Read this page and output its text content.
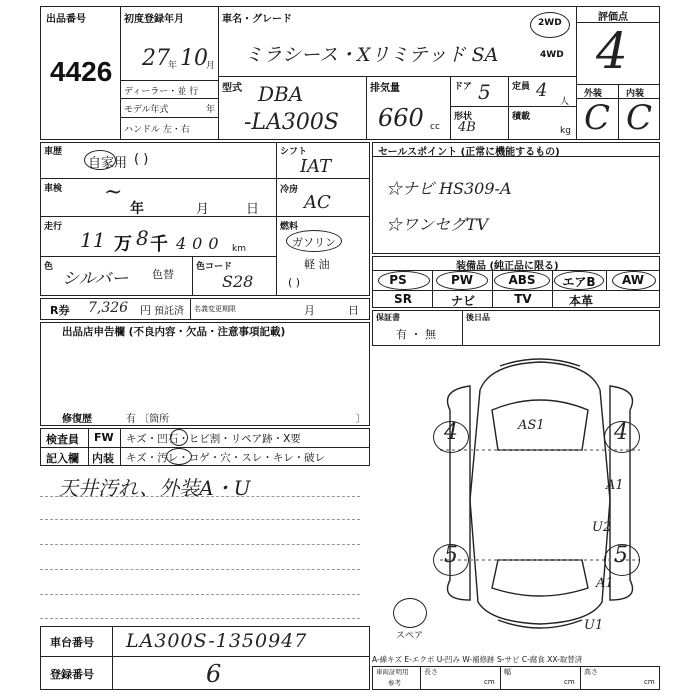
出品番号
4426
初度登録年月
27
年 10
月
ディーラー・並 行
モデル年式	年
ハンドル 左・右
車名・グレード
ミラシース・Xリミテッド SA
2WD
4WD
型式 DBA
-LA300S
排気量
660 cc
ドア 5
形状
4B
定員 4
人
積載
kg
評価点
4
外装	内装
C C
車歴
自家用 ( )
車検
年	月	日
~
走行
11 万 8 千 400 km
色
シルバー 色替
色コード
S28
シフト
IAT
冷房
AC
燃料
ガソリン
軽 油
( )
セールスポイント (正常に機能するもの)
☆ナビ HS309-A
☆ワンセグTV
装備品 (純正品に限る)
PS	PW	ABS	エアB	AW
SR	ナビ	TV	本革
R券 7,326 円 預託済 名義変更期限	月	日
保証書
有 ・ 無
後日品
出品店申告欄 (不良内容・欠品・注意事項記載)
修復歴	有 〔箇所	〕
検査員 FW キズ・凹石・ヒビ割・リペア跡・X要
記入欄 内装 キズ・汚レ・コゲ・穴・スレ・キレ・破レ
天井汚れ、外装A・U
4	4
5	5
AS1
A1
U2
A1
U1
スペア
A-線キズ E-エクボ U-凹み W-補修跡 S-サビ C-腐食 XX-取替済
車両証明用
参考
長さ
cm
幅
cm
高さ
cm
車台番号 LA300S-1350947
登録番号	6
